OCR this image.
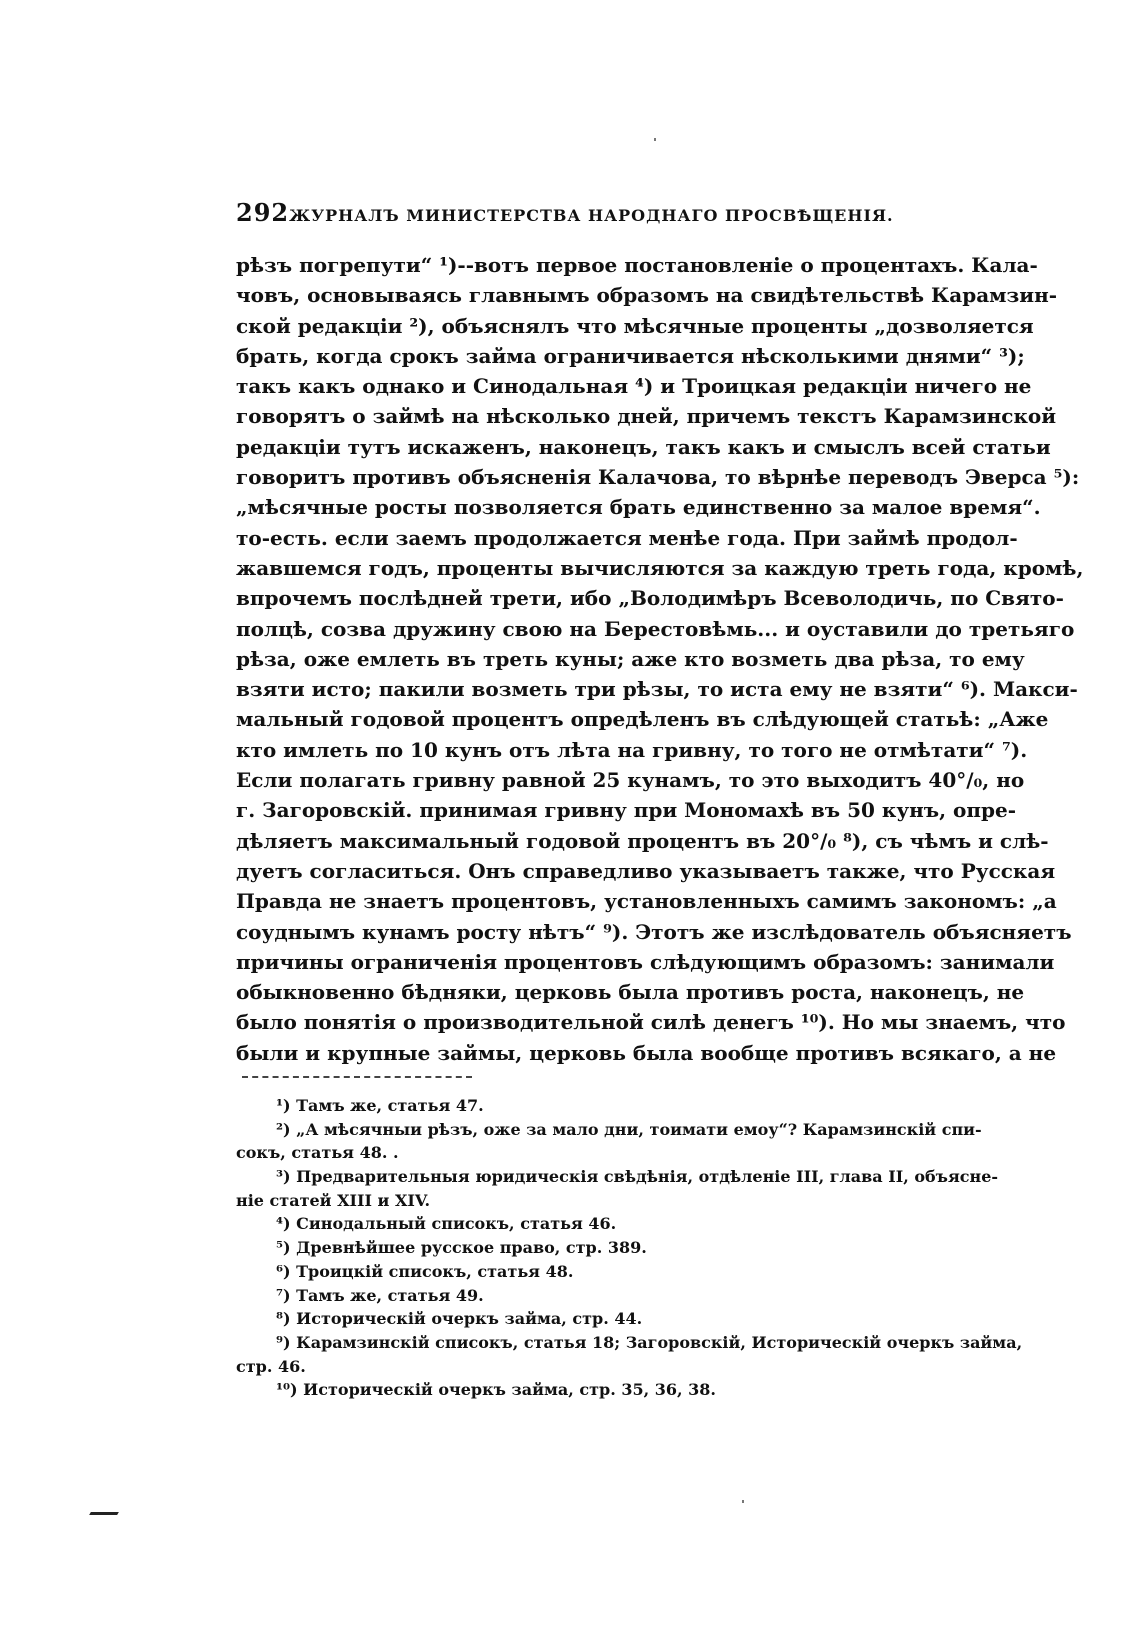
292 ЖУРНАЛЪ МИНИСТЕРСТВА НАРОДНАГО ПРОСВѢЩЕНІЯ.
рѣзъ погрепути“ ¹)--вотъ первое постановленіе о процентахъ. Кала-
човъ, основываясь главнымъ образомъ на свидѣтельствѣ Карамзин-
ской редакціи ²), объяснялъ что мѣсячные проценты „дозволяется
брать, когда срокъ займа ограничивается нѣсколькими днями“ ³);
такъ какъ однако и Синодальная ⁴) и Троицкая редакціи ничего не
говорятъ о займѣ на нѣсколько дней, причемъ текстъ Карамзинской
редакціи тутъ искаженъ, наконецъ, такъ какъ и смыслъ всей статьи
говоритъ противъ объясненія Калачова, то вѣрнѣе переводъ Эверса ⁵):
„мѣсячные росты позволяется брать единственно за малое время“.
то-есть. если заемъ продолжается менѣе года. При займѣ продол-
жавшемся годъ, проценты вычисляются за каждую треть года, кромѣ,
впрочемъ послѣдней трети, ибо „Володимѣръ Всеволодичь, по Свято-
полцѣ, созва дружину свою на Берестовѣмь... и оуставили до третьяго
рѣза, оже емлеть въ треть куны; аже кто возметь два рѣза, то ему
взяти исто; пакили возметь три рѣзы, то иста ему не взяти“ ⁶). Макси-
мальный годовой процентъ опредѣленъ въ слѣдующей статьѣ: „Аже
кто имлеть по 10 кунъ отъ лѣта на гривну, то того не отмѣтати“ ⁷).
Если полагать гривну равной 25 кунамъ, то это выходитъ 40°/₀, но
г. Загоровскій. принимая гривну при Мономахѣ въ 50 кунъ, опре-
дѣляетъ максимальный годовой процентъ въ 20°/₀ ⁸), съ чѣмъ и слѣ-
дуетъ согласиться. Онъ справедливо указываетъ также, что Русская
Правда не знаетъ процентовъ, установленныхъ самимъ закономъ: „а
соуднымъ кунамъ росту нѣтъ“ ⁹). Этотъ же изслѣдователь объясняетъ
причины ограниченія процентовъ слѣдующимъ образомъ: занимали
обыкновенно бѣдняки, церковь была противъ роста, наконецъ, не
было понятія о производительной силѣ денегъ ¹⁰). Но мы знаемъ, что
были и крупные займы, церковь была вообще противъ всякаго, а не
¹) Тамъ же, статья 47.
²) „А мѣсячныи рѣзъ, оже за мало дни, тоимати емоу“? Карамзинскій спи-
сокъ, статья 48. .
³) Предварительныя юридическія свѣдѣнія, отдѣленіе III, глава II, объясне-
ніе статей XIII и XIV.
⁴) Синодальный списокъ, статья 46.
⁵) Древнѣйшее русское право, стр. 389.
⁶) Троицкій списокъ, статья 48.
⁷) Тамъ же, статья 49.
⁸) Историческій очеркъ займа, стр. 44.
⁹) Карамзинскій списокъ, статья 18; Загоровскій, Историческій очеркъ займа,
стр. 46.
¹⁰) Историческій очеркъ займа, стр. 35, 36, 38.
